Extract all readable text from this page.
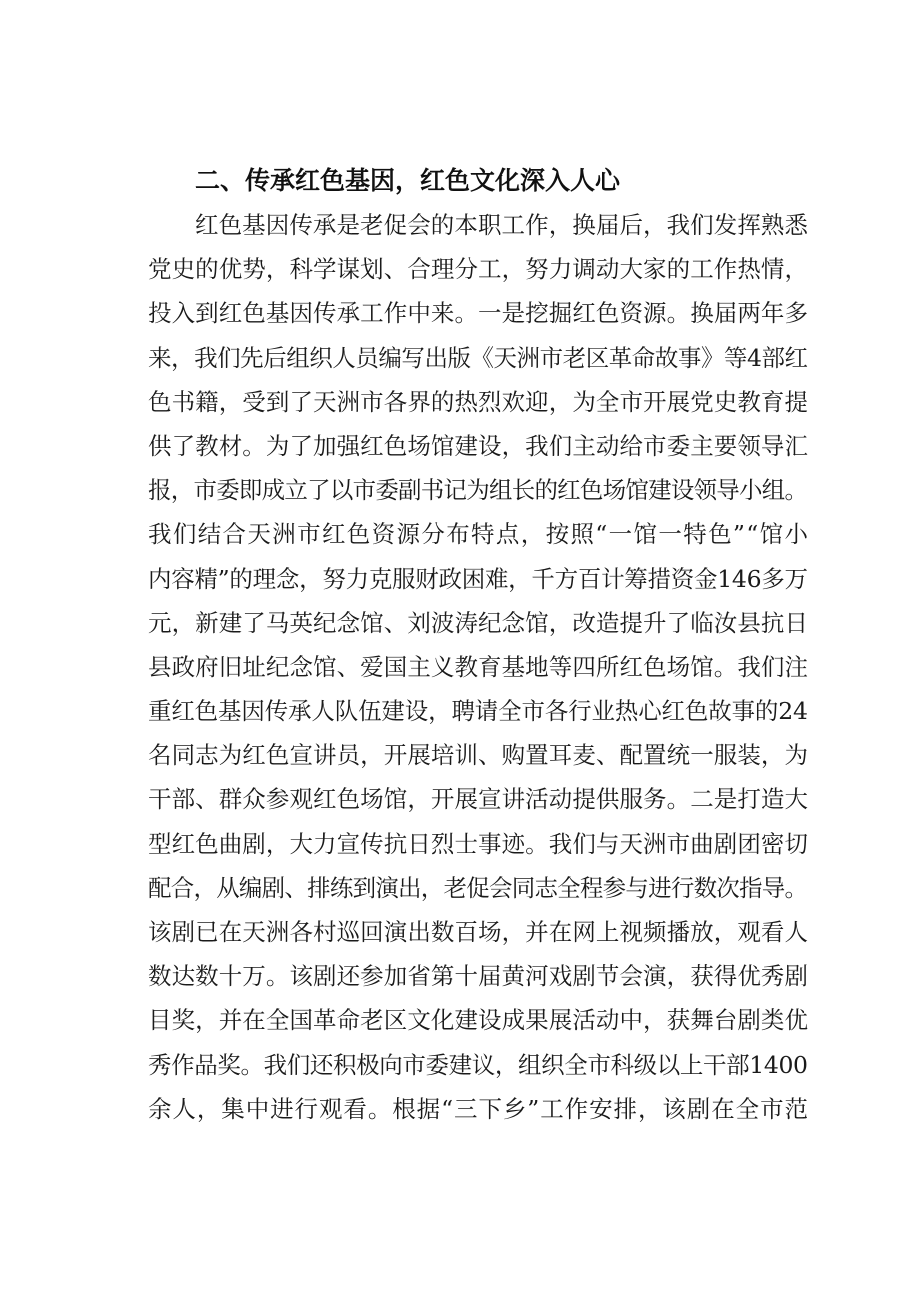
二、传承红色基因，红色文化深入人心
红色基因传承是老促会的本职工作，换届后，我们发挥熟悉
党史的优势，科学谋划、合理分工，努力调动大家的工作热情，
投入到红色基因传承工作中来。一是挖掘红色资源。换届两年多
来，我们先后组织人员编写出版《天洲市老区革命故事》等4部红
色书籍，受到了天洲市各界的热烈欢迎，为全市开展党史教育提
供了教材。为了加强红色场馆建设，我们主动给市委主要领导汇
报，市委即成立了以市委副书记为组长的红色场馆建设领导小组。
我们结合天洲市红色资源分布特点，按照“一馆一特色”“馆小
内容精”的理念，努力克服财政困难，千方百计筹措资金146多万
元，新建了马英纪念馆、刘波涛纪念馆，改造提升了临汝县抗日
县政府旧址纪念馆、爱国主义教育基地等四所红色场馆。我们注
重红色基因传承人队伍建设，聘请全市各行业热心红色故事的24
名同志为红色宣讲员，开展培训、购置耳麦、配置统一服装，为
干部、群众参观红色场馆，开展宣讲活动提供服务。二是打造大
型红色曲剧，大力宣传抗日烈士事迹。我们与天洲市曲剧团密切
配合，从编剧、排练到演出，老促会同志全程参与进行数次指导。
该剧已在天洲各村巡回演出数百场，并在网上视频播放，观看人
数达数十万。该剧还参加省第十届黄河戏剧节会演，获得优秀剧
目奖，并在全国革命老区文化建设成果展活动中，获舞台剧类优
秀作品奖。我们还积极向市委建议，组织全市科级以上干部1400
余人，集中进行观看。根据“三下乡”工作安排，该剧在全市范
